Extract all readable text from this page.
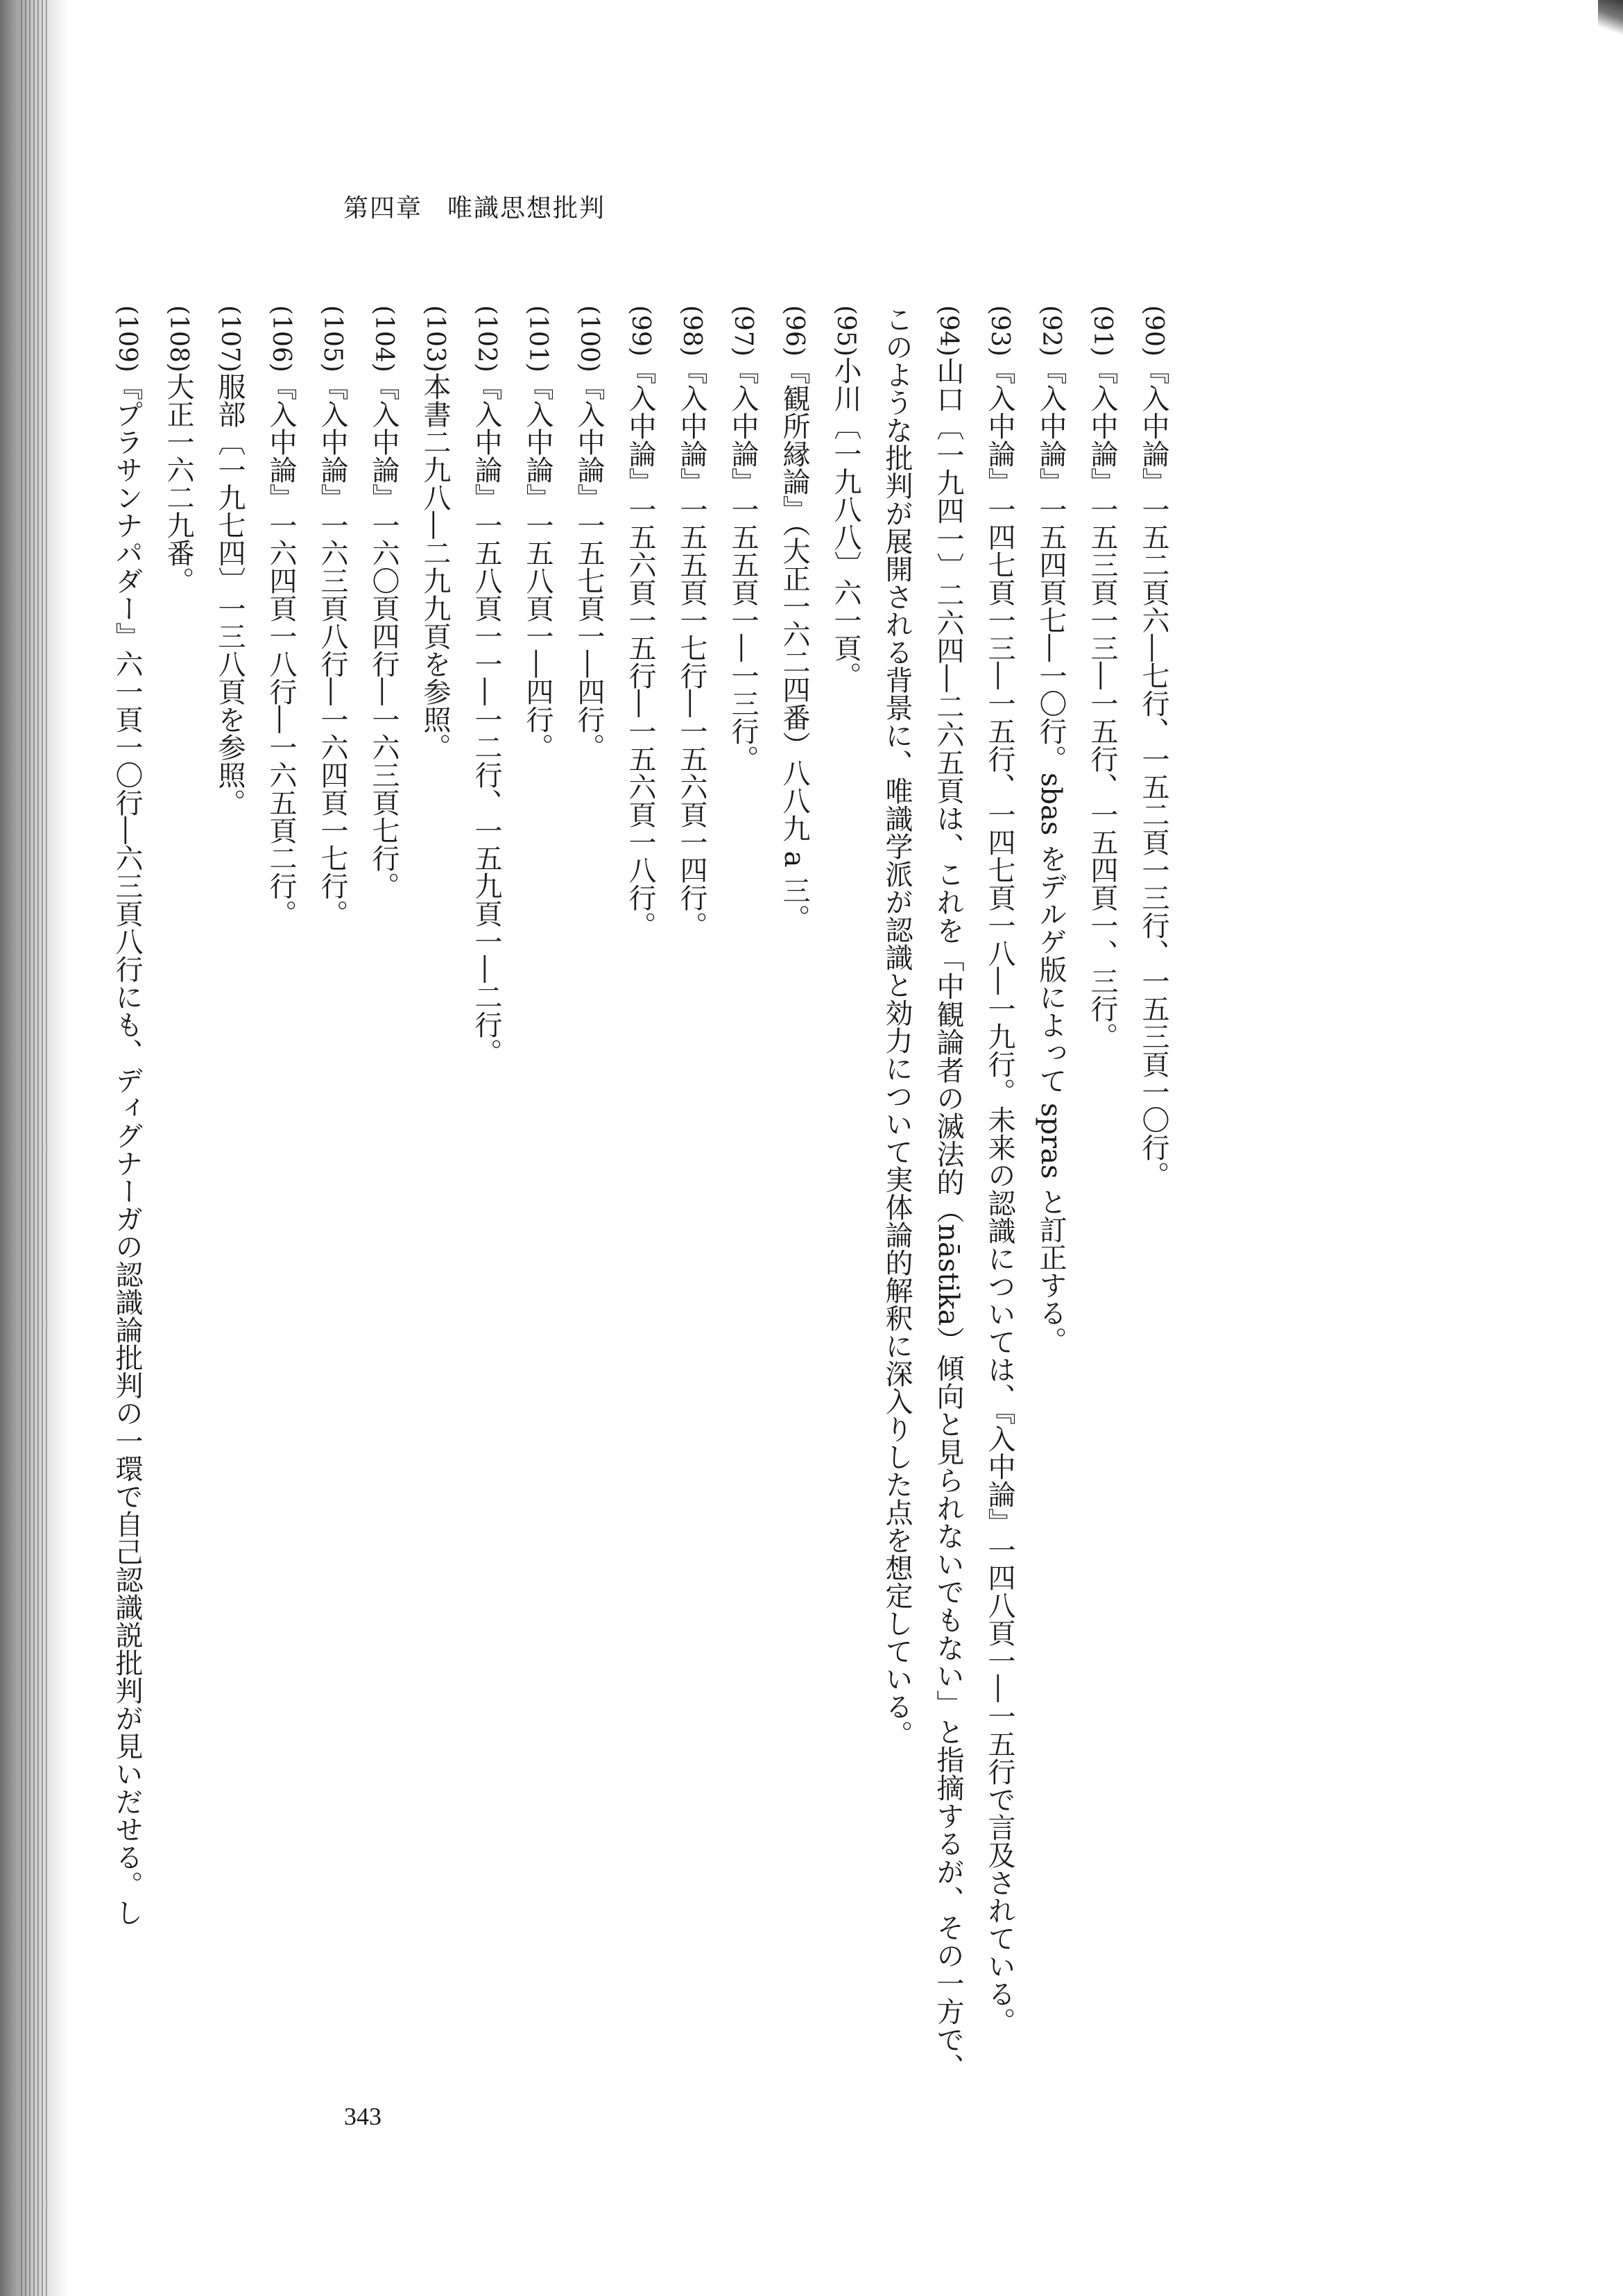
第四章 唯識思想批判

(90)『入中論』一五二頁六―七行、一五二頁一三行、一五三頁一〇行。

(91)『入中論』一五三頁一三―一五行、一五四頁一、三行。

(92)『入中論』一五四頁七―一〇行。sbas をデルゲ版によって spras と訂正する。

(93)『入中論』一四七頁一三―一五行、一四七頁一八―一九行。未来の認識については、『入中論』一四八頁一―一五行で言及されている。

(94)山口〔一九四一〕二六四―二六五頁は、これを「中観論者の滅法的（nāstika）傾向と見られないでもない」と指摘するが、その一方で、このような批判が展開される背景に、唯識学派が認識と効力について実体論的解釈に深入りした点を想定している。

(95)小川〔一九八八〕六一頁。

(96)『観所縁論』（大正一六二四番）八八九 a 三。

(97)『入中論』一五五頁一―一三行。

(98)『入中論』一五五頁一七行―一五六頁一四行。

(99)『入中論』一五六頁一五行―一五六頁一八行。

(100)『入中論』一五七頁一―四行。

(101)『入中論』一五八頁一―四行。

(102)『入中論』一五八頁一一―一二行、一五九頁一―二行。

(103)本書二九八―二九九頁を参照。

(104)『入中論』一六〇頁四行―一六三頁七行。

(105)『入中論』一六三頁八行―一六四頁一七行。

(106)『入中論』一六四頁一八行―一六五頁二行。

(107)服部〔一九七四〕一三八頁を参照。

(108)大正一六二九番。

(109)『プラサンナパダー』六一頁一〇行―六三頁八行にも、ディグナーガの認識論批判の一環で自己認識説批判が見いだせる。し

343
